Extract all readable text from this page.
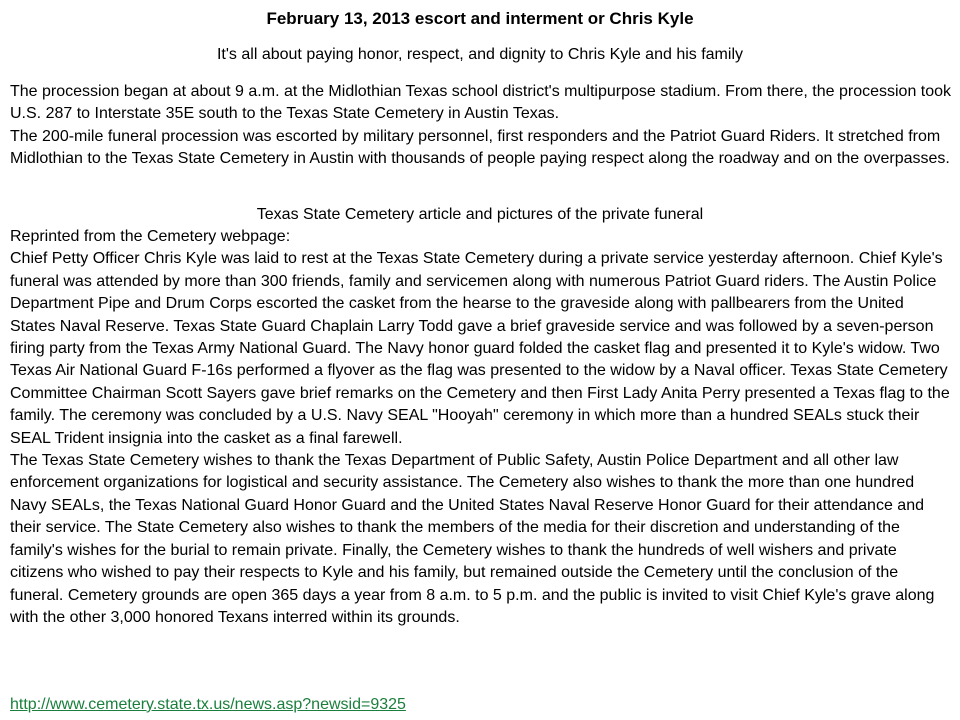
February 13, 2013 escort and interment or Chris Kyle

It's all about paying honor, respect, and dignity to Chris Kyle and his family

The procession began at about 9 a.m. at the Midlothian Texas school district's multipurpose stadium. From there, the procession took U.S. 287 to Interstate 35E south to the Texas State Cemetery in Austin Texas.

The 200-mile funeral procession was escorted by military personnel, first responders and the Patriot Guard Riders. It stretched from Midlothian to the Texas State Cemetery in Austin with thousands of people paying respect along the roadway and on the overpasses.

Texas State Cemetery article and pictures of the private funeral

Reprinted from the Cemetery webpage:

Chief Petty Officer Chris Kyle was laid to rest at the Texas State Cemetery during a private service yesterday afternoon. Chief Kyle's funeral was attended by more than 300 friends, family and servicemen along with numerous Patriot Guard riders. The Austin Police Department Pipe and Drum Corps escorted the casket from the hearse to the graveside along with pallbearers from the United States Naval Reserve. Texas State Guard Chaplain Larry Todd gave a brief graveside service and was followed by a seven-person firing party from the Texas Army National Guard. The Navy honor guard folded the casket flag and presented it to Kyle's widow. Two Texas Air National Guard F-16s performed a flyover as the flag was presented to the widow by a Naval officer. Texas State Cemetery Committee Chairman Scott Sayers gave brief remarks on the Cemetery and then First Lady Anita Perry presented a Texas flag to the family. The ceremony was concluded by a U.S. Navy SEAL "Hooyah" ceremony in which more than a hundred SEALs stuck their SEAL Trident insignia into the casket as a final farewell.

The Texas State Cemetery wishes to thank the Texas Department of Public Safety, Austin Police Department and all other law enforcement organizations for logistical and security assistance. The Cemetery also wishes to thank the more than one hundred Navy SEALs, the Texas National Guard Honor Guard and the United States Naval Reserve Honor Guard for their attendance and their service. The State Cemetery also wishes to thank the members of the media for their discretion and understanding of the family's wishes for the burial to remain private. Finally, the Cemetery wishes to thank the hundreds of well wishers and private citizens who wished to pay their respects to Kyle and his family, but remained outside the Cemetery until the conclusion of the funeral. Cemetery grounds are open 365 days a year from 8 a.m. to 5 p.m. and the public is invited to visit Chief Kyle's grave along with the other 3,000 honored Texans interred within its grounds.

http://www.cemetery.state.tx.us/news.asp?newsid=9325
